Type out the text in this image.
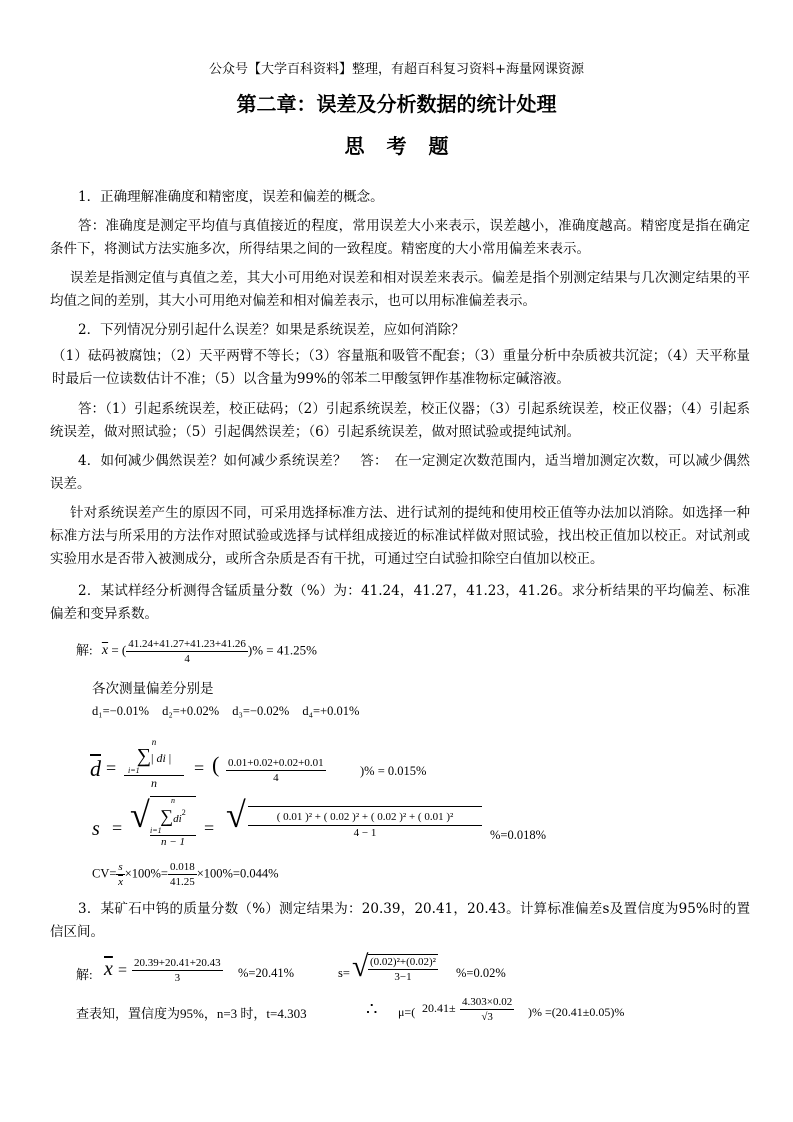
公众号【大学百科资料】整理，有超百科复习资料+海量网课资源
第二章：误差及分析数据的统计处理
思考题
1．正确理解准确度和精密度，误差和偏差的概念。
答：准确度是测定平均值与真值接近的程度，常用误差大小来表示，误差越小，准确度越高。精密度是指在确定条件下，将测试方法实施多次，所得结果之间的一致程度。精密度的大小常用偏差来表示。
误差是指测定值与真值之差，其大小可用绝对误差和相对误差来表示。偏差是指个别测定结果与几次测定结果的平均值之间的差别，其大小可用绝对偏差和相对偏差表示，也可以用标准偏差表示。
2．下列情况分别引起什么误差？如果是系统误差，应如何消除？
（1）砝码被腐蚀；（2）天平两臂不等长；（3）容量瓶和吸管不配套；（3）重量分析中杂质被共沉淀；（4）天平称量时最后一位读数估计不准；（5）以含量为99%的邻苯二甲酸氢钾作基准物标定碱溶液。
答：（1）引起系统误差，校正砝码；（2）引起系统误差，校正仪器；（3）引起系统误差，校正仪器；（4）引起系统误差，做对照试验；（5）引起偶然误差；（6）引起系统误差，做对照试验或提纯试剂。
4．如何减少偶然误差？如何减少系统误差？　答：　在一定测定次数范围内，适当增加测定次数，可以减少偶然误差。
针对系统误差产生的原因不同，可采用选择标准方法、进行试剂的提纯和使用校正值等办法加以消除。如选择一种标准方法与所采用的方法作对照试验或选择与试样组成接近的标准试样做对照试验，找出校正值加以校正。对试剂或实验用水是否带入被测成分，或所含杂质是否有干扰，可通过空白试验扣除空白值加以校正。
2．某试样经分析测得含锰质量分数（%）为：41.24，41.27，41.23，41.26。求分析结果的平均偏差、标准偏差和变异系数。
解: $\overline{x}$ = ( $\frac{41.24+41.27+41.23+41.26}{4}$ )% = 41.25%
各次测量偏差分别是
d₁=−0.01% d₂=+0.02% d₃=−0.02% d₄=+0.01%
$\overline{d}$ =
n
∑| di |
i=1
n
= ( $\frac{0.01+0.02+0.02+0.01}{4}$	)% = 0.015%
s = √	n
$\sum di^2$
i=1
n − 1
= √ $\frac{\text{( 0.01 )² + ( 0.02 )² + ( 0.02 )² + ( 0.01 )²}}{4 - 1} \%=0.018\%$
$CV= \frac{s}{x} \times 100\%= \frac{0.018}{41.25} \times 100\%=0.044\%$
3．某矿石中钨的质量分数（%）测定结果为：20.39，20.41，20.43。计算标准偏差s及置信度为95%时的置信区间。
解: $\overline{x} = \frac{20.39+20.41+20.43}{3} \%=20.41\%$	s= √ $\frac{\text{(0.02)²+(0.02)²}}{3-1} \%=0.02\%$
查表知，置信度为95%，n=3 时，t=4.303	∴ μ=( $20.41\pm \frac{4.303\times 0.02}{√3}$ )% =(20.41±0.05)%
